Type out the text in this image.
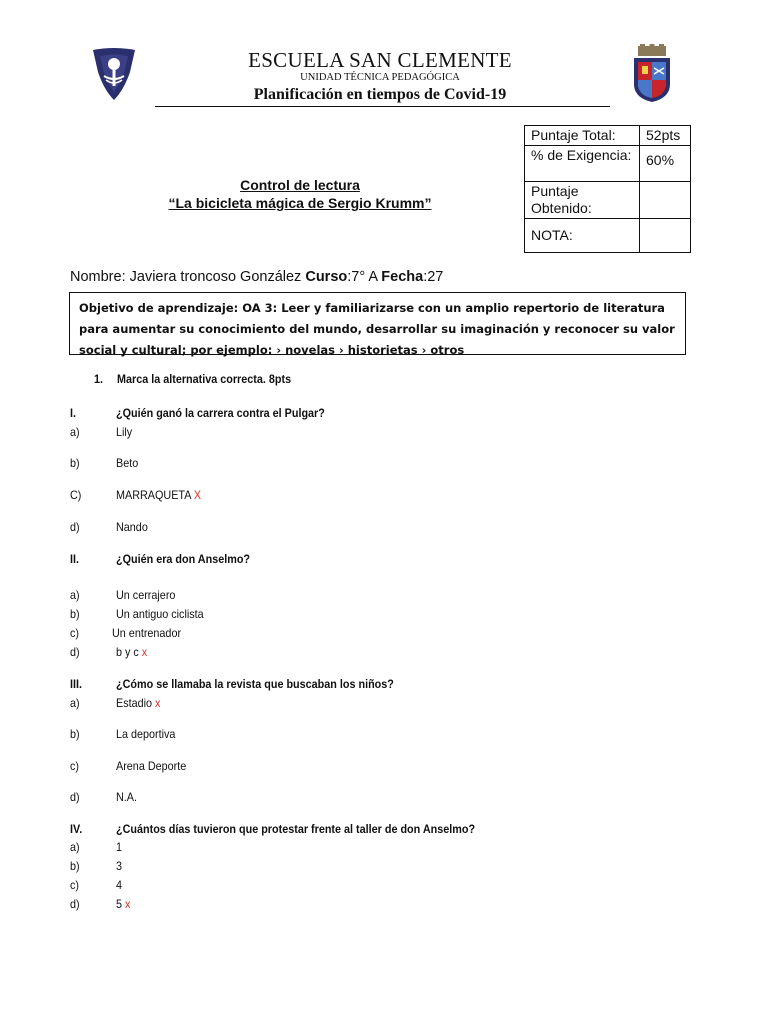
ESCUELA SAN CLEMENTE
UNIDAD TÉCNICA PEDAGÓGICA
Planificación en tiempos de Covid-19
Puntaje Total:	52pts
% de Exigencia:	60%
Puntaje Obtenido:	
NOTA:	
Control de lectura
“La bicicleta mágica de Sergio Krumm”
Nombre: Javiera troncoso González Curso:7° A Fecha:27
Objetivo de aprendizaje: OA 3: Leer y familiarizarse con un amplio repertorio de literatura para aumentar su conocimiento del mundo, desarrollar su imaginación y reconocer su valor social y cultural; por ejemplo: › novelas › historietas › otros
1. Marca la alternativa correcta. 8pts
I.	¿Quién ganó la carrera contra el Pulgar?
a)	Lily
b)	Beto
C)	MARRAQUETA X
d)	Nando
II.	¿Quién era don Anselmo?
a)	Un cerrajero
b)	Un antiguo ciclista
c)	Un entrenador
d)	b y c x
III.	¿Cómo se llamaba la revista que buscaban los niños?
a)	Estadio x
b)	La deportiva
c)	Arena Deporte
d)	N.A.
IV.	¿Cuántos días tuvieron que protestar frente al taller de don Anselmo?
a)	1
b)	3
c)	4
d)	5 x
